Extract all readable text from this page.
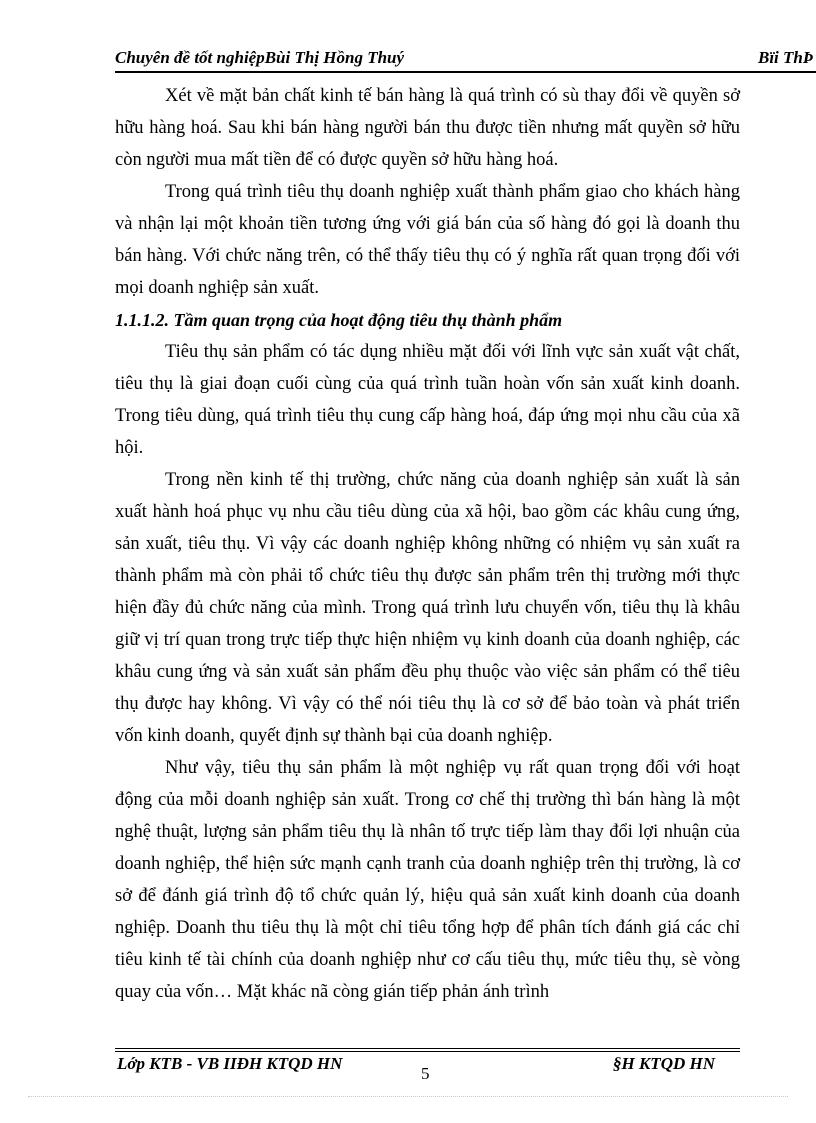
Chuyên đề tốt nghiệpBùi Thị Hồng Thuý	Bïi ThÞ

Xét về mặt bản chất kinh tế bán hàng là quá trình có sù thay đổi về quyền sở hữu hàng hoá. Sau khi bán hàng người bán thu được tiền nhưng mất quyền sở hữu còn người mua mất tiền để có được quyền sở hữu hàng hoá.

Trong quá trình tiêu thụ doanh nghiệp xuất thành phẩm giao cho khách hàng và nhận lại một khoản tiền tương ứng với giá bán của số hàng đó gọi là doanh thu bán hàng. Với chức năng trên, có thể thấy tiêu thụ có ý nghĩa rất quan trọng đối với mọi doanh nghiệp sản xuất.

1.1.1.2. Tầm quan trọng của hoạt động tiêu thụ thành phẩm

Tiêu thụ sản phẩm có tác dụng nhiều mặt đối với lĩnh vực sản xuất vật chất, tiêu thụ là giai đoạn cuối cùng của quá trình tuần hoàn vốn sản xuất kinh doanh. Trong tiêu dùng, quá trình tiêu thụ cung cấp hàng hoá, đáp ứng mọi nhu cầu của xã hội.

Trong nền kinh tế thị trường, chức năng của doanh nghiệp sản xuất là sản xuất hành hoá phục vụ nhu cầu tiêu dùng của xã hội, bao gồm các khâu cung ứng, sản xuất, tiêu thụ. Vì vậy các doanh nghiệp không những có nhiệm vụ sản xuất ra thành phẩm mà còn phải tổ chức tiêu thụ được sản phẩm trên thị trường mới thực hiện đầy đủ chức năng của mình. Trong quá trình lưu chuyển vốn, tiêu thụ là khâu giữ vị trí quan trong trực tiếp thực hiện nhiệm vụ kinh doanh của doanh nghiệp, các khâu cung ứng và sản xuất sản phẩm đều phụ thuộc vào việc sản phẩm có thể tiêu thụ được hay không. Vì vậy có thể nói tiêu thụ là cơ sở để bảo toàn và phát triển vốn kinh doanh, quyết định sự thành bại của doanh nghiệp.

Như vậy, tiêu thụ sản phẩm là một nghiệp vụ rất quan trọng đối với hoạt động của mỗi doanh nghiệp sản xuất. Trong cơ chế thị trường thì bán hàng là một nghệ thuật, lượng sản phẩm tiêu thụ là nhân tố trực tiếp làm thay đổi lợi nhuận của doanh nghiệp, thể hiện sức mạnh cạnh tranh của doanh nghiệp trên thị trường, là cơ sở để đánh giá trình độ tổ chức quản lý, hiệu quả sản xuất kinh doanh của doanh nghiệp. Doanh thu tiêu thụ là một chỉ tiêu tổng hợp để phân tích đánh giá các chỉ tiêu kinh tế tài chính của doanh nghiệp như cơ cấu tiêu thụ, mức tiêu thụ, sè vòng quay của vốn… Mặt khác nã còng gián tiếp phản ánh trình

Lớp KTB - VB IIĐH KTQD HN
5
§H KTQD HN
